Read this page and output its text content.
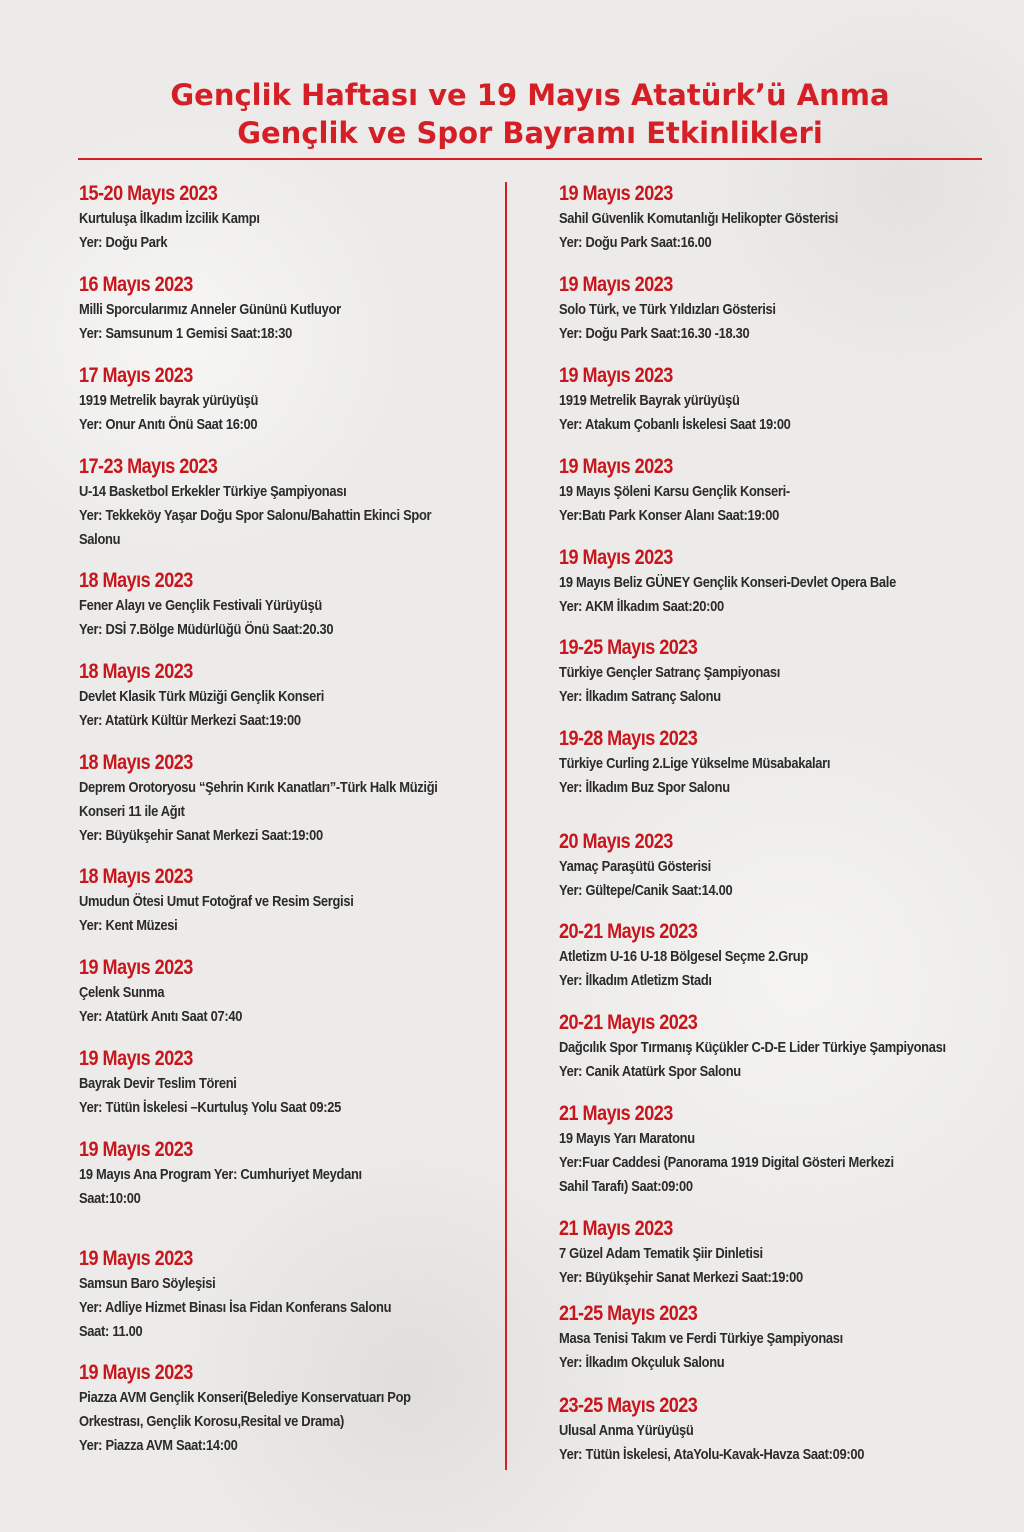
Gençlik Haftası ve 19 Mayıs Atatürk’ü Anma
Gençlik ve Spor Bayramı Etkinlikleri
15-20 Mayıs 2023
Kurtuluşa İlkadım İzcilik Kampı
Yer: Doğu Park
16 Mayıs 2023
Milli Sporcularımız Anneler Gününü Kutluyor
Yer: Samsunum 1 Gemisi Saat:18:30
17 Mayıs 2023
1919 Metrelik bayrak yürüyüşü
Yer: Onur Anıtı Önü Saat 16:00
17-23 Mayıs 2023
U-14 Basketbol Erkekler Türkiye Şampiyonası
Yer: Tekkeköy Yaşar Doğu Spor Salonu/Bahattin Ekinci Spor
Salonu
18 Mayıs 2023
Fener Alayı ve Gençlik Festivali Yürüyüşü
Yer: DSİ 7.Bölge Müdürlüğü Önü Saat:20.30
18 Mayıs 2023
Devlet Klasik Türk Müziği Gençlik Konseri
Yer: Atatürk Kültür Merkezi Saat:19:00
18 Mayıs 2023
Deprem Orotoryosu “Şehrin Kırık Kanatları”-Türk Halk Müziği
Konseri 11 ile Ağıt
Yer: Büyükşehir Sanat Merkezi Saat:19:00
18 Mayıs 2023
Umudun Ötesi Umut Fotoğraf ve Resim Sergisi
Yer: Kent Müzesi
19 Mayıs 2023
Çelenk Sunma
Yer: Atatürk Anıtı Saat 07:40
19 Mayıs 2023
Bayrak Devir Teslim Töreni
Yer: Tütün İskelesi –Kurtuluş Yolu Saat 09:25
19 Mayıs 2023
19 Mayıs Ana Program Yer: Cumhuriyet Meydanı
Saat:10:00
19 Mayıs 2023
Samsun Baro Söyleşisi
Yer: Adliye Hizmet Binası İsa Fidan Konferans Salonu
Saat: 11.00
19 Mayıs 2023
Piazza AVM Gençlik Konseri(Belediye Konservatuarı Pop
Orkestrası, Gençlik Korosu,Resital ve Drama)
Yer: Piazza AVM Saat:14:00
19 Mayıs 2023
Sahil Güvenlik Komutanlığı Helikopter Gösterisi
Yer: Doğu Park Saat:16.00
19 Mayıs 2023
Solo Türk, ve Türk Yıldızları Gösterisi
Yer: Doğu Park Saat:16.30 -18.30
19 Mayıs 2023
1919 Metrelik Bayrak yürüyüşü
Yer: Atakum Çobanlı İskelesi Saat 19:00
19 Mayıs 2023
19 Mayıs Şöleni Karsu Gençlik Konseri-
Yer:Batı Park Konser Alanı Saat:19:00
19 Mayıs 2023
19 Mayıs Beliz GÜNEY Gençlik Konseri-Devlet Opera Bale
Yer: AKM İlkadım Saat:20:00
19-25 Mayıs 2023
Türkiye Gençler Satranç Şampiyonası
Yer: İlkadım Satranç Salonu
19-28 Mayıs 2023
Türkiye Curling 2.Lige Yükselme Müsabakaları
Yer: İlkadım Buz Spor Salonu
20 Mayıs 2023
Yamaç Paraşütü Gösterisi
Yer: Gültepe/Canik Saat:14.00
20-21 Mayıs 2023
Atletizm U-16 U-18 Bölgesel Seçme 2.Grup
Yer: İlkadım Atletizm Stadı
20-21 Mayıs 2023
Dağcılık Spor Tırmanış Küçükler C-D-E Lider Türkiye Şampiyonası
Yer: Canik Atatürk Spor Salonu
21 Mayıs 2023
19 Mayıs Yarı Maratonu
Yer:Fuar Caddesi (Panorama 1919 Digital Gösteri Merkezi
Sahil Tarafı) Saat:09:00
21 Mayıs 2023
7 Güzel Adam Tematik Şiir Dinletisi
Yer: Büyükşehir Sanat Merkezi Saat:19:00
21-25 Mayıs 2023
Masa Tenisi Takım ve Ferdi Türkiye Şampiyonası
Yer: İlkadım Okçuluk Salonu
23-25 Mayıs 2023
Ulusal Anma Yürüyüşü
Yer: Tütün İskelesi, AtaYolu-Kavak-Havza Saat:09:00
